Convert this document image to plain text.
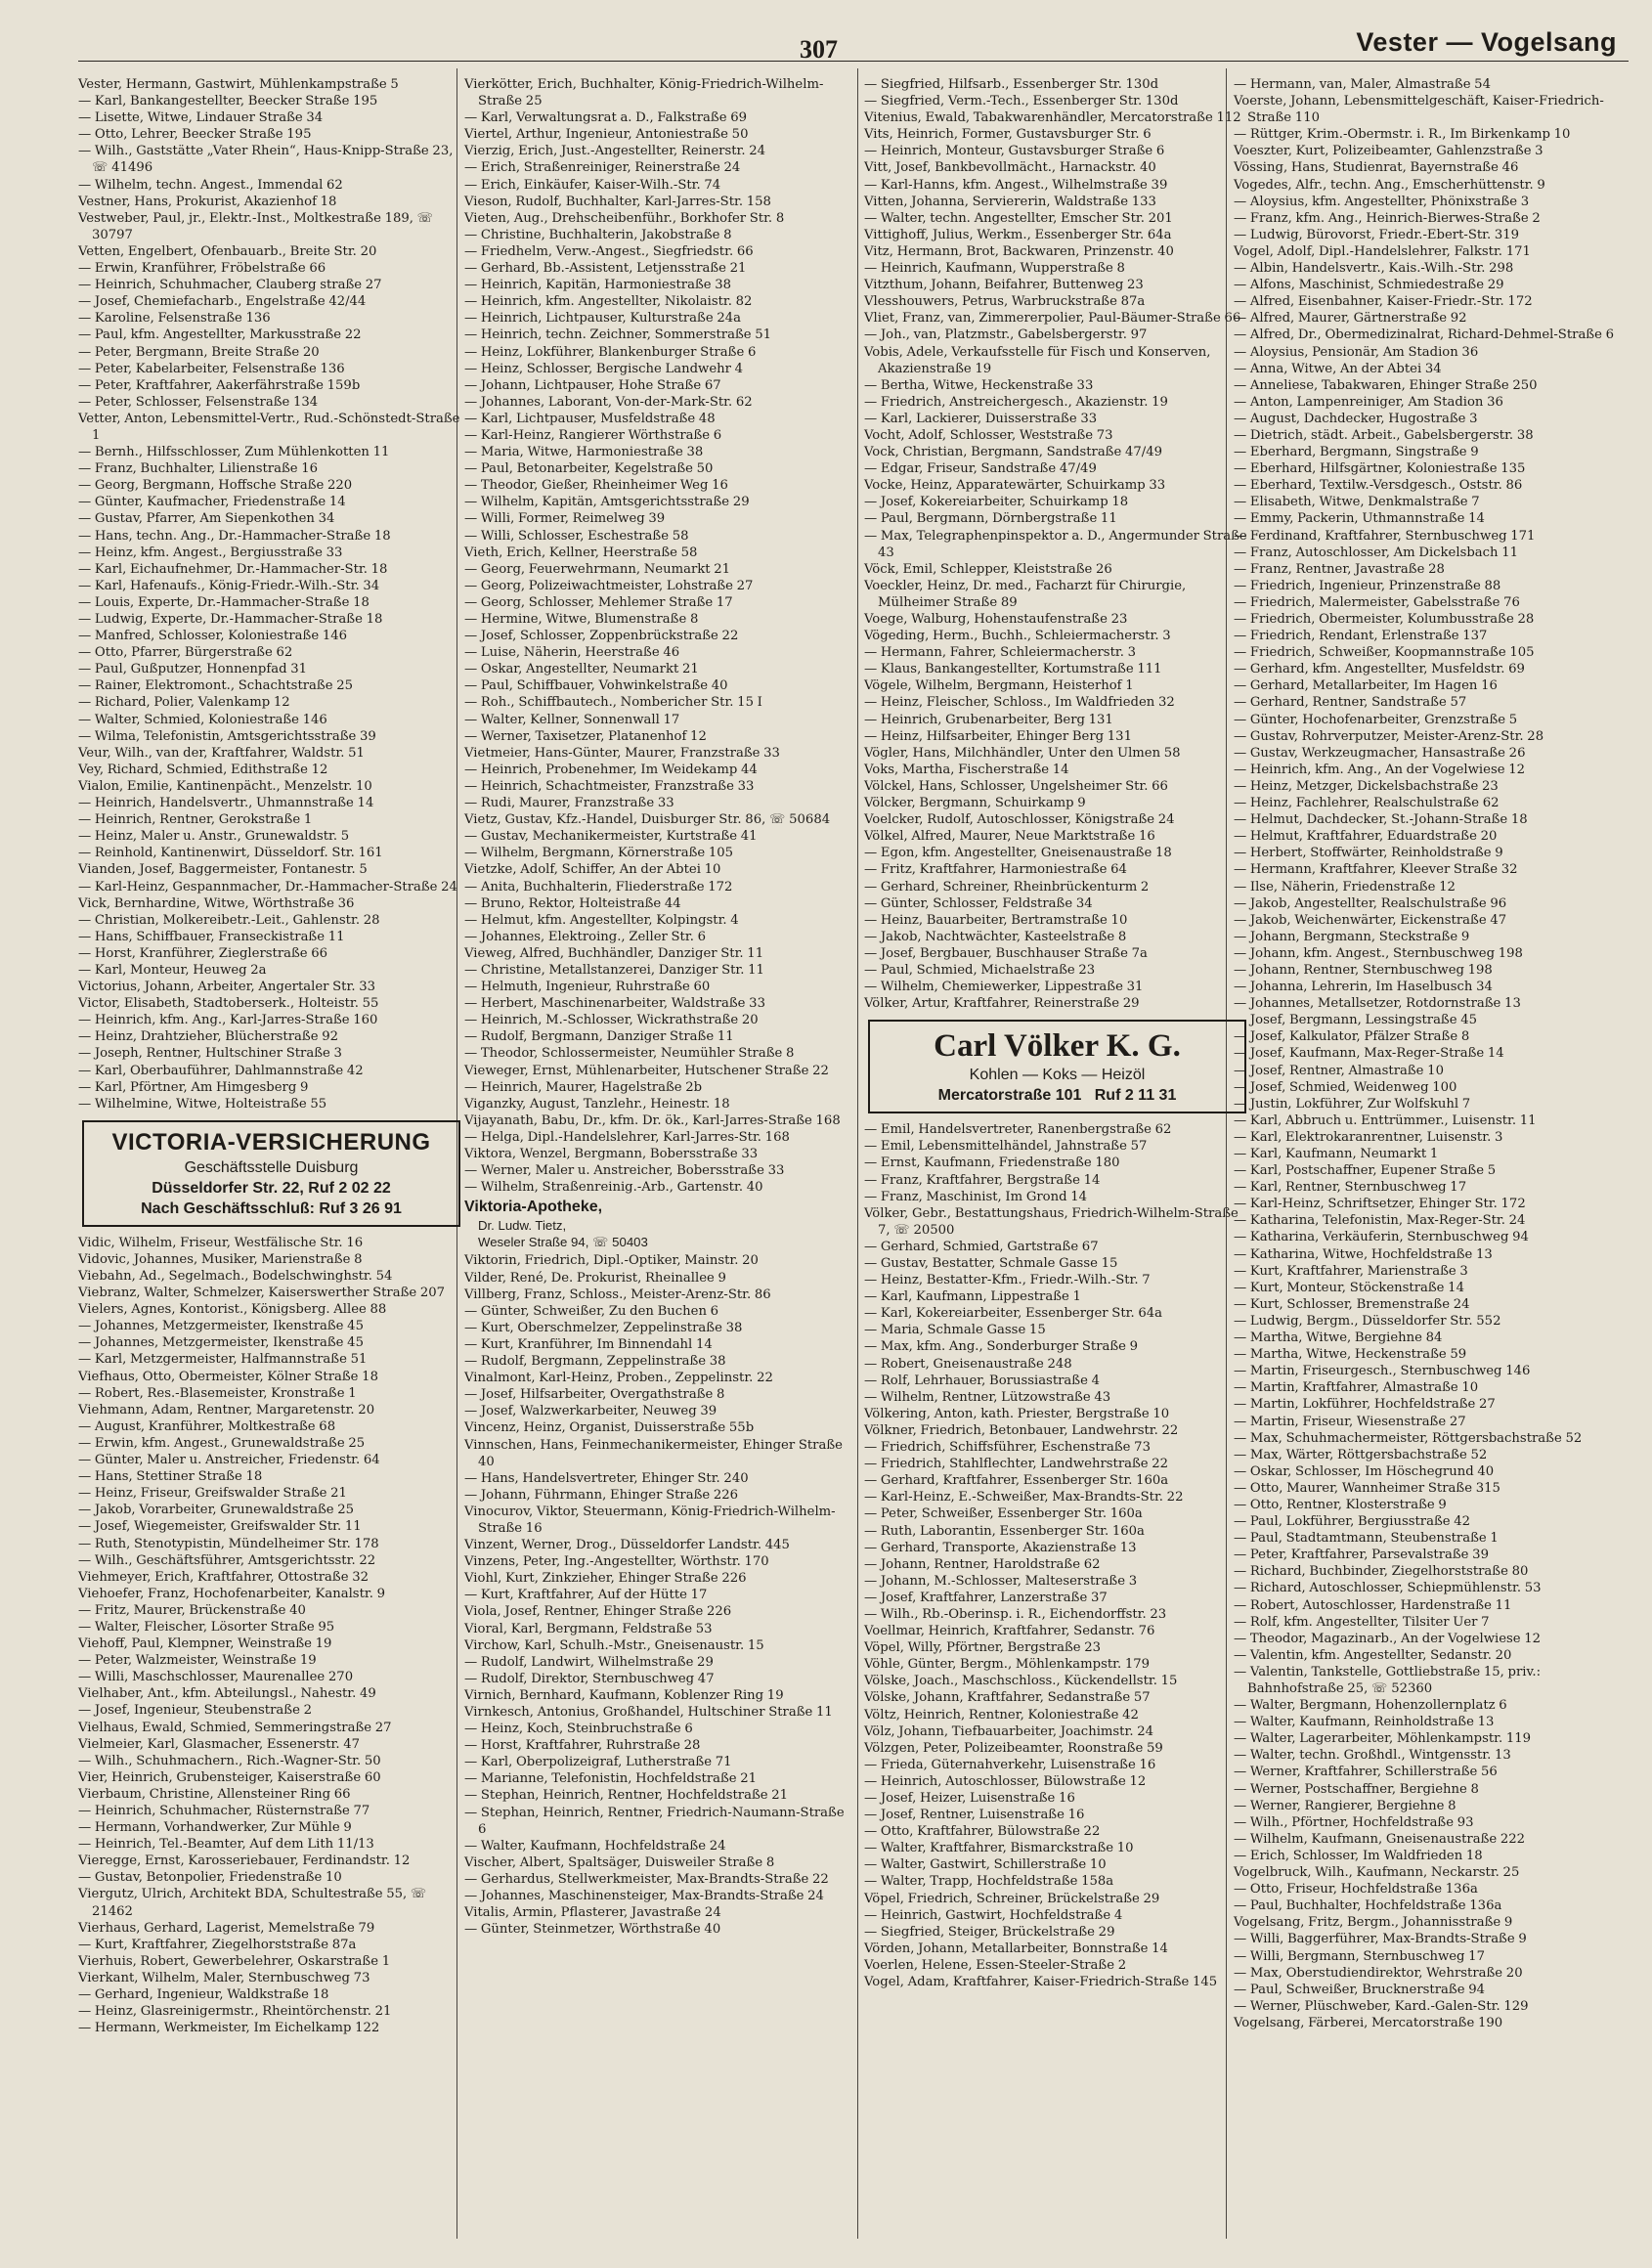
307	Vester — Vogelsang
Vester, Hermann, Gastwirt, Mühlenkampstraße 5
— Karl, Bankangestellter, Beecker Straße 195
— Lisette, Witwe, Lindauer Straße 34
— Otto, Lehrer, Beecker Straße 195
— Wilh., Gaststätte „Vater Rhein“, Haus-Knipp-Straße 23, ☏ 41496
— Wilhelm, techn. Angest., Immendal 62
Vestner, Hans, Prokurist, Akazienhof 18
Vestweber, Paul, jr., Elektr.-Inst., Moltkestraße 189, ☏ 30797
Vetten, Engelbert, Ofenbauarb., Breite Str. 20
— Erwin, Kranführer, Fröbelstraße 66
— Heinrich, Schuhmacher, Clauberg straße 27
— Josef, Chemiefacharb., Engelstraße 42/44
— Karoline, Felsenstraße 136
— Paul, kfm. Angestellter, Markusstraße 22
— Peter, Bergmann, Breite Straße 20
— Peter, Kabelarbeiter, Felsenstraße 136
— Peter, Kraftfahrer, Aakerfährstraße 159b
— Peter, Schlosser, Felsenstraße 134
Vetter, Anton, Lebensmittel-Vertr., Rud.-Schönstedt-Straße 1
— Bernh., Hilfsschlosser, Zum Mühlenkotten 11
— Franz, Buchhalter, Lilienstraße 16
— Georg, Bergmann, Hoffsche Straße 220
— Günter, Kaufmacher, Friedenstraße 14
— Gustav, Pfarrer, Am Siepenkothen 34
— Hans, techn. Ang., Dr.-Hammacher-Straße 18
— Heinz, kfm. Angest., Bergiusstraße 33
— Karl, Eichaufnehmer, Dr.-Hammacher-Str. 18
— Karl, Hafenaufs., König-Friedr.-Wilh.-Str. 34
— Louis, Experte, Dr.-Hammacher-Straße 18
— Ludwig, Experte, Dr.-Hammacher-Straße 18
— Manfred, Schlosser, Koloniestraße 146
— Otto, Pfarrer, Bürgerstraße 62
— Paul, Gußputzer, Honnenpfad 31
— Rainer, Elektromont., Schachtstraße 25
— Richard, Polier, Valenkamp 12
— Walter, Schmied, Koloniestraße 146
— Wilma, Telefonistin, Amtsgerichtsstraße 39
Veur, Wilh., van der, Kraftfahrer, Waldstr. 51
Vey, Richard, Schmied, Edithstraße 12
Vialon, Emilie, Kantinenpächt., Menzelstr. 10
— Heinrich, Handelsvertr., Uhmannstraße 14
— Heinrich, Rentner, Gerokstraße 1
— Heinz, Maler u. Anstr., Grunewaldstr. 5
— Reinhold, Kantinenwirt, Düsseldorf. Str. 161
Vianden, Josef, Baggermeister, Fontanestr. 5
— Karl-Heinz, Gespannmacher, Dr.-Hammacher-Straße 24
Vick, Bernhardine, Witwe, Wörthstraße 36
— Christian, Molkereibetr.-Leit., Gahlenstr. 28
— Hans, Schiffbauer, Franseckistraße 11
— Horst, Kranführer, Zieglerstraße 66
— Karl, Monteur, Heuweg 2a
Victorius, Johann, Arbeiter, Angertaler Str. 33
Victor, Elisabeth, Stadtoberserk., Holteistr. 55
— Heinrich, kfm. Ang., Karl-Jarres-Straße 160
— Heinz, Drahtzieher, Blücherstraße 92
— Joseph, Rentner, Hultschiner Straße 3
— Karl, Oberbauführer, Dahlmannstraße 42
— Karl, Pförtner, Am Himgesberg 9
— Wilhelmine, Witwe, Holteistraße 55
VICTORIA-VERSICHERUNG
Geschäftsstelle Duisburg
Düsseldorfer Str. 22, Ruf 2 02 22
Nach Geschäftsschluß: Ruf 3 26 91
Vidic, Wilhelm, Friseur, Westfälische Str. 16
Vidovic, Johannes, Musiker, Marienstraße 8
Viebahn, Ad., Segelmach., Bodelschwinghstr. 54
Viebranz, Walter, Schmelzer, Kaiserswerther Straße 207
Vielers, Agnes, Kontorist., Königsberg. Allee 88
— Johannes, Metzgermeister, Ikenstraße 45
— Johannes, Metzgermeister, Ikenstraße 45
— Karl, Metzgermeister, Halfmannstraße 51
Viefhaus, Otto, Obermeister, Kölner Straße 18
— Robert, Res.-Blasemeister, Kronstraße 1
Viehmann, Adam, Rentner, Margaretenstr. 20
— August, Kranführer, Moltkestraße 68
— Erwin, kfm. Angest., Grunewaldstraße 25
— Günter, Maler u. Anstreicher, Friedenstr. 64
— Hans, Stettiner Straße 18
— Heinz, Friseur, Greifswalder Straße 21
— Jakob, Vorarbeiter, Grunewaldstraße 25
— Josef, Wiegemeister, Greifswalder Str. 11
— Ruth, Stenotypistin, Mündelheimer Str. 178
— Wilh., Geschäftsführer, Amtsgerichtsstr. 22
Viehmeyer, Erich, Kraftfahrer, Ottostraße 32
Viehoefer, Franz, Hochofenarbeiter, Kanalstr. 9
— Fritz, Maurer, Brückenstraße 40
— Walter, Fleischer, Lösorter Straße 95
Viehoff, Paul, Klempner, Weinstraße 19
— Peter, Walzmeister, Weinstraße 19
— Willi, Maschschlosser, Maurenallee 270
Vielhaber, Ant., kfm. Abteilungsl., Nahestr. 49
— Josef, Ingenieur, Steubenstraße 2
Vielhaus, Ewald, Schmied, Semmeringstraße 27
Vielmeier, Karl, Glasmacher, Essenerstr. 47
— Wilh., Schuhmachern., Rich.-Wagner-Str. 50
Vier, Heinrich, Grubensteiger, Kaiserstraße 60
Vierbaum, Christine, Allensteiner Ring 66
— Heinrich, Schuhmacher, Rüsternstraße 77
— Hermann, Vorhandwerker, Zur Mühle 9
— Heinrich, Tel.-Beamter, Auf dem Lith 11/13
Vieregge, Ernst, Karosseriebauer, Ferdinandstr. 12
— Gustav, Betonpolier, Friedenstraße 10
Viergutz, Ulrich, Architekt BDA, Schultestraße 55, ☏ 21462
Vierhaus, Gerhard, Lagerist, Memelstraße 79
— Kurt, Kraftfahrer, Ziegelhorststraße 87a
Vierhuis, Robert, Gewerbelehrer, Oskarstraße 1
Vierkant, Wilhelm, Maler, Sternbuschweg 73
— Gerhard, Ingenieur, Waldkstraße 18
— Heinz, Glasreinigermstr., Rheintörchenstr. 21
— Hermann, Werkmeister, Im Eichelkamp 122
Vierkötter, Erich, Buchhalter, König-Friedrich-Wilhelm-Straße 25
— Karl, Verwaltungsrat a. D., Falkstraße 69
Viertel, Arthur, Ingenieur, Antoniestraße 50
Vierzig, Erich, Just.-Angestellter, Reinerstr. 24
— Erich, Straßenreiniger, Reinerstraße 24
— Erich, Einkäufer, Kaiser-Wilh.-Str. 74
Vieson, Rudolf, Buchhalter, Karl-Jarres-Str. 158
Vieten, Aug., Drehscheibenführ., Borkhofer Str. 8
— Christine, Buchhalterin, Jakobstraße 8
— Friedhelm, Verw.-Angest., Siegfriedstr. 66
— Gerhard, Bb.-Assistent, Letjensstraße 21
— Heinrich, Kapitän, Harmoniestraße 38
— Heinrich, kfm. Angestellter, Nikolaistr. 82
— Heinrich, Lichtpauser, Kulturstraße 24a
— Heinrich, techn. Zeichner, Sommerstraße 51
— Heinz, Lokführer, Blankenburger Straße 6
— Heinz, Schlosser, Bergische Landwehr 4
— Johann, Lichtpauser, Hohe Straße 67
— Johannes, Laborant, Von-der-Mark-Str. 62
— Karl, Lichtpauser, Musfeldstraße 48
— Karl-Heinz, Rangierer Wörthstraße 6
— Maria, Witwe, Harmoniestraße 38
— Paul, Betonarbeiter, Kegelstraße 50
— Theodor, Gießer, Rheinheimer Weg 16
— Wilhelm, Kapitän, Amtsgerichtsstraße 29
— Willi, Former, Reimelweg 39
— Willi, Schlosser, Eschestraße 58
Vieth, Erich, Kellner, Heerstraße 58
— Georg, Feuerwehrmann, Neumarkt 21
— Georg, Polizeiwachtmeister, Lohstraße 27
— Georg, Schlosser, Mehlemer Straße 17
— Hermine, Witwe, Blumenstraße 8
— Josef, Schlosser, Zoppenbrückstraße 22
— Luise, Näherin, Heerstraße 46
— Oskar, Angestellter, Neumarkt 21
— Paul, Schiffbauer, Vohwinkelstraße 40
— Roh., Schiffbautech., Nombericher Str. 15 I
— Walter, Kellner, Sonnenwall 17
— Werner, Taxisetzer, Platanenhof 12
Vietmeier, Hans-Günter, Maurer, Franzstraße 33
— Heinrich, Probenehmer, Im Weidekamp 44
— Heinrich, Schachtmeister, Franzstraße 33
— Rudi, Maurer, Franzstraße 33
Vietz, Gustav, Kfz.-Handel, Duisburger Str. 86, ☏ 50684
— Gustav, Mechanikermeister, Kurtstraße 41
— Wilhelm, Bergmann, Körnerstraße 105
Vietzke, Adolf, Schiffer, An der Abtei 10
— Anita, Buchhalterin, Fliederstraße 172
— Bruno, Rektor, Holteistraße 44
— Helmut, kfm. Angestellter, Kolpingstr. 4
— Johannes, Elektroing., Zeller Str. 6
Vieweg, Alfred, Buchhändler, Danziger Str. 11
— Christine, Metallstanzerei, Danziger Str. 11
— Helmuth, Ingenieur, Ruhrstraße 60
— Herbert, Maschinenarbeiter, Waldstraße 33
— Heinrich, M.-Schlosser, Wickrathstraße 20
— Rudolf, Bergmann, Danziger Straße 11
— Theodor, Schlossermeister, Neumühler Straße 8
Vieweger, Ernst, Mühlenarbeiter, Hutschener Straße 22
— Heinrich, Maurer, Hagelstraße 2b
Viganzky, August, Tanzlehr., Heinestr. 18
Vijayanath, Babu, Dr., kfm. Dr. ök., Karl-Jarres-Straße 168
— Helga, Dipl.-Handelslehrer, Karl-Jarres-Str. 168
Viktora, Wenzel, Bergmann, Bobersstraße 33
— Werner, Maler u. Anstreicher, Bobersstraße 33
— Wilhelm, Straßenreinig.-Arb., Gartenstr. 40
Viktoria-Apotheke,
Dr. Ludw. Tietz,
Weseler Straße 94, ☏ 50403
Viktorin, Friedrich, Dipl.-Optiker, Mainstr. 20
Vilder, René, De. Prokurist, Rheinallee 9
Villberg, Franz, Schloss., Meister-Arenz-Str. 86
— Günter, Schweißer, Zu den Buchen 6
— Kurt, Oberschmelzer, Zeppelinstraße 38
— Kurt, Kranführer, Im Binnendahl 14
— Rudolf, Bergmann, Zeppelinstraße 38
Vinalmont, Karl-Heinz, Proben., Zeppelinstr. 22
— Josef, Hilfsarbeiter, Overgathstraße 8
— Josef, Walzwerkarbeiter, Neuweg 39
Vincenz, Heinz, Organist, Duisserstraße 55b
Vinnschen, Hans, Feinmechanikermeister, Ehinger Straße 40
— Hans, Handelsvertreter, Ehinger Str. 240
— Johann, Führmann, Ehinger Straße 226
Vinocurov, Viktor, Steuermann, König-Friedrich-Wilhelm-Straße 16
Vinzent, Werner, Drog., Düsseldorfer Landstr. 445
Vinzens, Peter, Ing.-Angestellter, Wörthstr. 170
Viohl, Kurt, Zinkzieher, Ehinger Straße 226
— Kurt, Kraftfahrer, Auf der Hütte 17
Viola, Josef, Rentner, Ehinger Straße 226
Vioral, Karl, Bergmann, Feldstraße 53
Virchow, Karl, Schulh.-Mstr., Gneisenaustr. 15
— Rudolf, Landwirt, Wilhelmstraße 29
— Rudolf, Direktor, Sternbuschweg 47
Virnich, Bernhard, Kaufmann, Koblenzer Ring 19
Virnkesch, Antonius, Großhandel, Hultschiner Straße 11
— Heinz, Koch, Steinbruchstraße 6
— Horst, Kraftfahrer, Ruhrstraße 28
— Karl, Oberpolizeigraf, Lutherstraße 71
— Marianne, Telefonistin, Hochfeldstraße 21
— Stephan, Heinrich, Rentner, Hochfeldstraße 21
— Stephan, Heinrich, Rentner, Friedrich-Naumann-Straße 6
— Walter, Kaufmann, Hochfeldstraße 24
Vischer, Albert, Spaltsäger, Duisweiler Straße 8
— Gerhardus, Stellwerkmeister, Max-Brandts-Straße 22
— Johannes, Maschinensteiger, Max-Brandts-Straße 24
Vitalis, Armin, Pflasterer, Javastraße 24
— Günter, Steinmetzer, Wörthstraße 40
— Siegfried, Hilfsarb., Essenberger Str. 130d
— Siegfried, Verm.-Tech., Essenberger Str. 130d
Vitenius, Ewald, Tabakwarenhändler, Mercatorstraße 112
Vits, Heinrich, Former, Gustavsburger Str. 6
— Heinrich, Monteur, Gustavsburger Straße 6
Vitt, Josef, Bankbevollmächt., Harnackstr. 40
— Karl-Hanns, kfm. Angest., Wilhelmstraße 39
Vitten, Johanna, Serviererin, Waldstraße 133
— Walter, techn. Angestellter, Emscher Str. 201
Vittighoff, Julius, Werkm., Essenberger Str. 64a
Vitz, Hermann, Brot, Backwaren, Prinzenstr. 40
— Heinrich, Kaufmann, Wupperstraße 8
Vitzthum, Johann, Beifahrer, Buttenweg 23
Vlesshouwers, Petrus, Warbruckstraße 87a
Vliet, Franz, van, Zimmererpolier, Paul-Bäumer-Straße 66
— Joh., van, Platzmstr., Gabelsbergerstr. 97
Vobis, Adele, Verkaufsstelle für Fisch und Konserven, Akazienstraße 19
— Bertha, Witwe, Heckenstraße 33
— Friedrich, Anstreichergesch., Akazienstr. 19
— Karl, Lackierer, Duisserstraße 33
Vocht, Adolf, Schlosser, Weststraße 73
Vock, Christian, Bergmann, Sandstraße 47/49
— Edgar, Friseur, Sandstraße 47/49
Vocke, Heinz, Apparatewärter, Schuirkamp 33
— Josef, Kokereiarbeiter, Schuirkamp 18
— Paul, Bergmann, Dörnbergstraße 11
— Max, Telegraphenpinspektor a. D., Angermunder Straße 43
Vöck, Emil, Schlepper, Kleiststraße 26
Voeckler, Heinz, Dr. med., Facharzt für Chirurgie, Mülheimer Straße 89
Voege, Walburg, Hohenstaufenstraße 23
Vögeding, Herm., Buchh., Schleiermacherstr. 3
— Hermann, Fahrer, Schleiermacherstr. 3
— Klaus, Bankangestellter, Kortumstraße 111
Vögele, Wilhelm, Bergmann, Heisterhof 1
— Heinz, Fleischer, Schloss., Im Waldfrieden 32
— Heinrich, Grubenarbeiter, Berg 131
— Heinz, Hilfsarbeiter, Ehinger Berg 131
Vögler, Hans, Milchhändler, Unter den Ulmen 58
Voks, Martha, Fischerstraße 14
Völckel, Hans, Schlosser, Ungelsheimer Str. 66
Völcker, Bergmann, Schuirkamp 9
Voelcker, Rudolf, Autoschlosser, Königstraße 24
Völkel, Alfred, Maurer, Neue Marktstraße 16
— Egon, kfm. Angestellter, Gneisenaustraße 18
— Fritz, Kraftfahrer, Harmoniestraße 64
— Gerhard, Schreiner, Rheinbrückenturm 2
— Günter, Schlosser, Feldstraße 34
— Heinz, Bauarbeiter, Bertramstraße 10
— Jakob, Nachtwächter, Kasteelstraße 8
— Josef, Bergbauer, Buschhauser Straße 7a
— Paul, Schmied, Michaelstraße 23
— Wilhelm, Chemiewerker, Lippestraße 31
Völker, Artur, Kraftfahrer, Reinerstraße 29
Carl Völker K. G.
Kohlen — Koks — Heizöl
Mercatorstraße 101   Ruf 2 11 31
— Emil, Handelsvertreter, Ranenbergstraße 62
— Emil, Lebensmittelhändel, Jahnstraße 57
— Ernst, Kaufmann, Friedenstraße 180
— Franz, Kraftfahrer, Bergstraße 14
— Franz, Maschinist, Im Grond 14
Völker, Gebr., Bestattungshaus, Friedrich-Wilhelm-Straße 7, ☏ 20500
— Gerhard, Schmied, Gartstraße 67
— Gustav, Bestatter, Schmale Gasse 15
— Heinz, Bestatter-Kfm., Friedr.-Wilh.-Str. 7
— Karl, Kaufmann, Lippestraße 1
— Karl, Kokereiarbeiter, Essenberger Str. 64a
— Maria, Schmale Gasse 15
— Max, kfm. Ang., Sonderburger Straße 9
— Robert, Gneisenaustraße 248
— Rolf, Lehrhauer, Borussiastraße 4
— Wilhelm, Rentner, Lützowstraße 43
Völkering, Anton, kath. Priester, Bergstraße 10
Völkner, Friedrich, Betonbauer, Landwehrstr. 22
— Friedrich, Schiffsführer, Eschenstraße 73
— Friedrich, Stahlflechter, Landwehrstraße 22
— Gerhard, Kraftfahrer, Essenberger Str. 160a
— Karl-Heinz, E.-Schweißer, Max-Brandts-Str. 22
— Peter, Schweißer, Essenberger Str. 160a
— Ruth, Laborantin, Essenberger Str. 160a
— Gerhard, Transporte, Akazienstraße 13
— Johann, Rentner, Haroldstraße 62
— Johann, M.-Schlosser, Malteserstraße 3
— Josef, Kraftfahrer, Lanzerstraße 37
— Wilh., Rb.-Oberinsp. i. R., Eichendorffstr. 23
Voellmar, Heinrich, Kraftfahrer, Sedanstr. 76
Vöpel, Willy, Pförtner, Bergstraße 23
Vöhle, Günter, Bergm., Möhlenkampstr. 179
Völske, Joach., Maschschloss., Kückendellstr. 15
Völske, Johann, Kraftfahrer, Sedanstraße 57
Völtz, Heinrich, Rentner, Koloniestraße 42
Völz, Johann, Tiefbauarbeiter, Joachimstr. 24
Völzgen, Peter, Polizeibeamter, Roonstraße 59
— Frieda, Güternahverkehr, Luisenstraße 16
— Heinrich, Autoschlosser, Bülowstraße 12
— Josef, Heizer, Luisenstraße 16
— Josef, Rentner, Luisenstraße 16
— Otto, Kraftfahrer, Bülowstraße 22
— Walter, Kraftfahrer, Bismarckstraße 10
— Walter, Gastwirt, Schillerstraße 10
— Walter, Trapp, Hochfeldstraße 158a
Vöpel, Friedrich, Schreiner, Brückelstraße 29
— Heinrich, Gastwirt, Hochfeldstraße 4
— Siegfried, Steiger, Brückelstraße 29
Vörden, Johann, Metallarbeiter, Bonnstraße 14
Voerlen, Helene, Essen-Steeler-Straße 2
Vogel, Adam, Kraftfahrer, Kaiser-Friedrich-Straße 145
— Hermann, van, Maler, Almastraße 54
Voerste, Johann, Lebensmittelgeschäft, Kaiser-Friedrich-Straße 110
— Rüttger, Krim.-Obermstr. i. R., Im Birkenkamp 10
Voeszter, Kurt, Polizeibeamter, Gahlenzstraße 3
Vössing, Hans, Studienrat, Bayernstraße 46
Vogedes, Alfr., techn. Ang., Emscherhüttenstr. 9
— Aloysius, kfm. Angestellter, Phönixstraße 3
— Franz, kfm. Ang., Heinrich-Bierwes-Straße 2
— Ludwig, Bürovorst, Friedr.-Ebert-Str. 319
Vogel, Adolf, Dipl.-Handelslehrer, Falkstr. 171
— Albin, Handelsvertr., Kais.-Wilh.-Str. 298
— Alfons, Maschinist, Schmiedestraße 29
— Alfred, Eisenbahner, Kaiser-Friedr.-Str. 172
— Alfred, Maurer, Gärtnerstraße 92
— Alfred, Dr., Obermedizinalrat, Richard-Dehmel-Straße 6
— Aloysius, Pensionär, Am Stadion 36
— Anna, Witwe, An der Abtei 34
— Anneliese, Tabakwaren, Ehinger Straße 250
— Anton, Lampenreiniger, Am Stadion 36
— August, Dachdecker, Hugostraße 3
— Dietrich, städt. Arbeit., Gabelsbergerstr. 38
— Eberhard, Bergmann, Singstraße 9
— Eberhard, Hilfsgärtner, Koloniestraße 135
— Eberhard, Textilw.-Versdgesch., Oststr. 86
— Elisabeth, Witwe, Denkmalstraße 7
— Emmy, Packerin, Uthmannstraße 14
— Ferdinand, Kraftfahrer, Sternbuschweg 171
— Franz, Autoschlosser, Am Dickelsbach 11
— Franz, Rentner, Javastraße 28
— Friedrich, Ingenieur, Prinzenstraße 88
— Friedrich, Malermeister, Gabelsstraße 76
— Friedrich, Obermeister, Kolumbusstraße 28
— Friedrich, Rendant, Erlenstraße 137
— Friedrich, Schweißer, Koopmannstraße 105
— Gerhard, kfm. Angestellter, Musfeldstr. 69
— Gerhard, Metallarbeiter, Im Hagen 16
— Gerhard, Rentner, Sandstraße 57
— Günter, Hochofenarbeiter, Grenzstraße 5
— Gustav, Rohrverputzer, Meister-Arenz-Str. 28
— Gustav, Werkzeugmacher, Hansastraße 26
— Heinrich, kfm. Ang., An der Vogelwiese 12
— Heinz, Metzger, Dickelsbachstraße 23
— Heinz, Fachlehrer, Realschulstraße 62
— Helmut, Dachdecker, St.-Johann-Straße 18
— Helmut, Kraftfahrer, Eduardstraße 20
— Herbert, Stoffwärter, Reinholdstraße 9
— Hermann, Kraftfahrer, Kleever Straße 32
— Ilse, Näherin, Friedenstraße 12
— Jakob, Angestellter, Realschulstraße 96
— Jakob, Weichenwärter, Eickenstraße 47
— Johann, Bergmann, Steckstraße 9
— Johann, kfm. Angest., Sternbuschweg 198
— Johann, Rentner, Sternbuschweg 198
— Johanna, Lehrerin, Im Haselbusch 34
— Johannes, Metallsetzer, Rotdornstraße 13
— Josef, Bergmann, Lessingstraße 45
— Josef, Kalkulator, Pfälzer Straße 8
— Josef, Kaufmann, Max-Reger-Straße 14
— Josef, Rentner, Almastraße 10
— Josef, Schmied, Weidenweg 100
— Justin, Lokführer, Zur Wolfskuhl 7
— Karl, Abbruch u. Enttrümmer., Luisenstr. 11
— Karl, Elektrokaranrentner, Luisenstr. 3
— Karl, Kaufmann, Neumarkt 1
— Karl, Postschaffner, Eupener Straße 5
— Karl, Rentner, Sternbuschweg 17
— Karl-Heinz, Schriftsetzer, Ehinger Str. 172
— Katharina, Telefonistin, Max-Reger-Str. 24
— Katharina, Verkäuferin, Sternbuschweg 94
— Katharina, Witwe, Hochfeldstraße 13
— Kurt, Kraftfahrer, Marienstraße 3
— Kurt, Monteur, Stöckenstraße 14
— Kurt, Schlosser, Bremenstraße 24
— Ludwig, Bergm., Düsseldorfer Str. 552
— Martha, Witwe, Bergiehne 84
— Martha, Witwe, Heckenstraße 59
— Martin, Friseurgesch., Sternbuschweg 146
— Martin, Kraftfahrer, Almastraße 10
— Martin, Lokführer, Hochfeldstraße 27
— Martin, Friseur, Wiesenstraße 27
— Max, Schuhmachermeister, Röttgersbachstraße 52
— Max, Wärter, Röttgersbachstraße 52
— Oskar, Schlosser, Im Höschegrund 40
— Otto, Maurer, Wannheimer Straße 315
— Otto, Rentner, Klosterstraße 9
— Paul, Lokführer, Bergiusstraße 42
— Paul, Stadtamtmann, Steubenstraße 1
— Peter, Kraftfahrer, Parsevalstraße 39
— Richard, Buchbinder, Ziegelhorststraße 80
— Richard, Autoschlosser, Schiepmühlenstr. 53
— Robert, Autoschlosser, Hardenstraße 11
— Rolf, kfm. Angestellter, Tilsiter Uer 7
— Theodor, Magazinarb., An der Vogelwiese 12
— Valentin, kfm. Angestellter, Sedanstr. 20
— Valentin, Tankstelle, Gottliebstraße 15, priv.: Bahnhofstraße 25, ☏ 52360
— Walter, Bergmann, Hohenzollernplatz 6
— Walter, Kaufmann, Reinholdstraße 13
— Walter, Lagerarbeiter, Möhlenkampstr. 119
— Walter, techn. Großhdl., Wintgensstr. 13
— Werner, Kraftfahrer, Schillerstraße 56
— Werner, Postschaffner, Bergiehne 8
— Werner, Rangierer, Bergiehne 8
— Wilh., Pförtner, Hochfeldstraße 93
— Wilhelm, Kaufmann, Gneisenaustraße 222
— Erich, Schlosser, Im Waldfrieden 18
Vogelbruck, Wilh., Kaufmann, Neckarstr. 25
— Otto, Friseur, Hochfeldstraße 136a
— Paul, Buchhalter, Hochfeldstraße 136a
Vogelsang, Fritz, Bergm., Johannisstraße 9
— Willi, Baggerführer, Max-Brandts-Straße 9
— Willi, Bergmann, Sternbuschweg 17
— Max, Oberstudiendirektor, Wehrstraße 20
— Paul, Schweißer, Brucknerstraße 94
— Werner, Plüschweber, Kard.-Galen-Str. 129
Vogelsang, Färberei, Mercatorstraße 190
